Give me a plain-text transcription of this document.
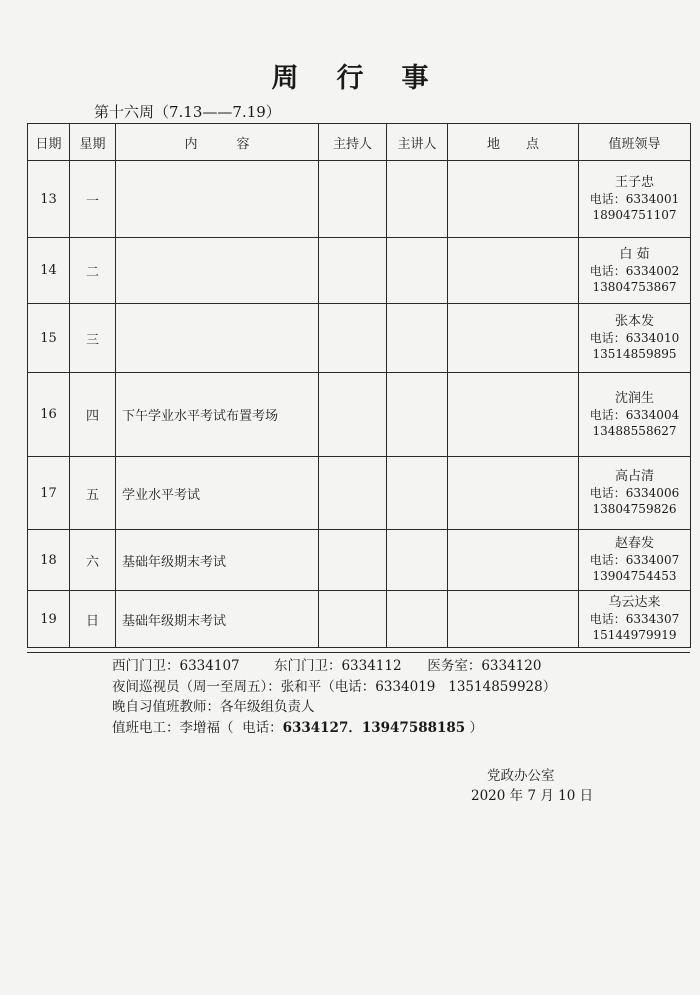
周行事
第十六周（7.13——7.19）
日期	星期	内　　　容	主持人	主讲人	地　　点	值班领导
13	一					王子忠
电话：6334001
18904751107

14	二					白 茹
电话：6334002
13804753867

15	三					张本发
电话：6334010
13514859895

16	四	下午学业水平考试布置考场				沈润生
电话：6334004
13488558627

17	五	学业水平考试				高占清
电话：6334006
13804759826

18	六	基础年级期末考试				赵春发
电话：6334007
13904754453

19	日	基础年级期末考试				乌云达来
电话：6334307
15144979919
西门门卫：6334107        东门门卫：6334112      医务室：6334120
夜间巡视员（周一至周五）：张和平（电话：6334019   13514859928）
晚自习值班教师：各年级组负责人
值班电工：李增福（  电话：6334127．13947588185 ）
党政办公室
2020 年 7 月 10 日
